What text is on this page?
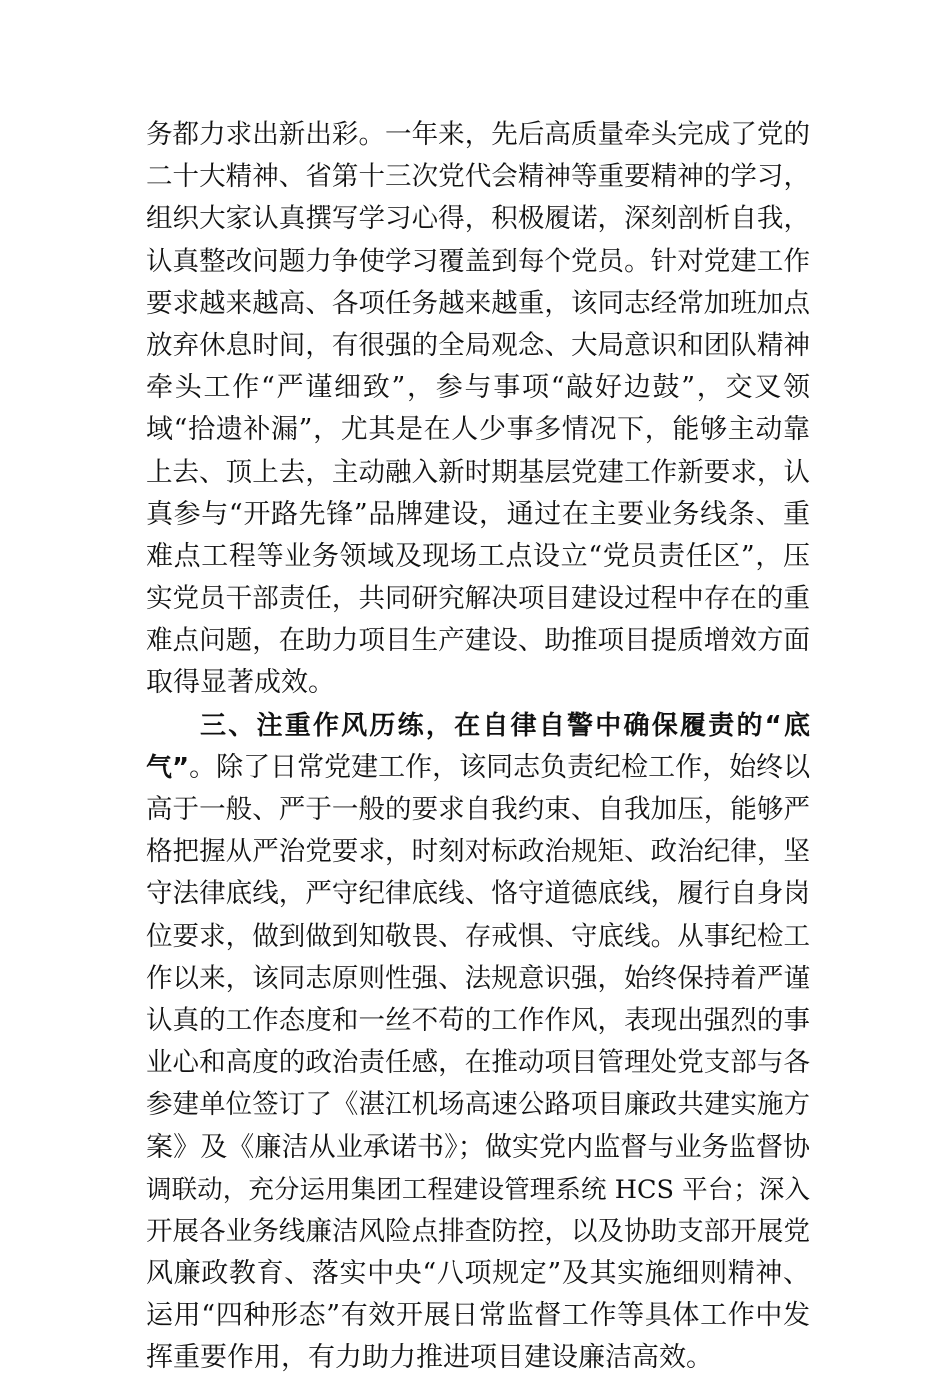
务都力求出新出彩。一年来，先后高质量牵头完成了党的
二十大精神、省第十三次党代会精神等重要精神的学习，
组织大家认真撰写学习心得，积极履诺，深刻剖析自我，
认真整改问题力争使学习覆盖到每个党员。针对党建工作
要求越来越高、各项任务越来越重，该同志经常加班加点
放弃休息时间，有很强的全局观念、大局意识和团队精神
牵头工作“严谨细致”，参与事项“敲好边鼓”，交叉领
域“拾遗补漏”，尤其是在人少事多情况下，能够主动靠
上去、顶上去，主动融入新时期基层党建工作新要求，认
真参与“开路先锋”品牌建设，通过在主要业务线条、重
难点工程等业务领域及现场工点设立“党员责任区”，压
实党员干部责任，共同研究解决项目建设过程中存在的重
难点问题，在助力项目生产建设、助推项目提质增效方面
取得显著成效。
三、注重作风历练，在自律自警中确保履责的“底
气”。除了日常党建工作，该同志负责纪检工作，始终以
高于一般、严于一般的要求自我约束、自我加压，能够严
格把握从严治党要求，时刻对标政治规矩、政治纪律，坚
守法律底线，严守纪律底线、恪守道德底线，履行自身岗
位要求，做到做到知敬畏、存戒惧、守底线。从事纪检工
作以来，该同志原则性强、法规意识强，始终保持着严谨
认真的工作态度和一丝不苟的工作作风，表现出强烈的事
业心和高度的政治责任感，在推动项目管理处党支部与各
参建单位签订了《湛江机场高速公路项目廉政共建实施方
案》及《廉洁从业承诺书》；做实党内监督与业务监督协
调联动，充分运用集团工程建设管理系统 HCS 平台；深入
开展各业务线廉洁风险点排查防控，以及协助支部开展党
风廉政教育、落实中央“八项规定”及其实施细则精神、
运用“四种形态”有效开展日常监督工作等具体工作中发
挥重要作用，有力助力推进项目建设廉洁高效。
